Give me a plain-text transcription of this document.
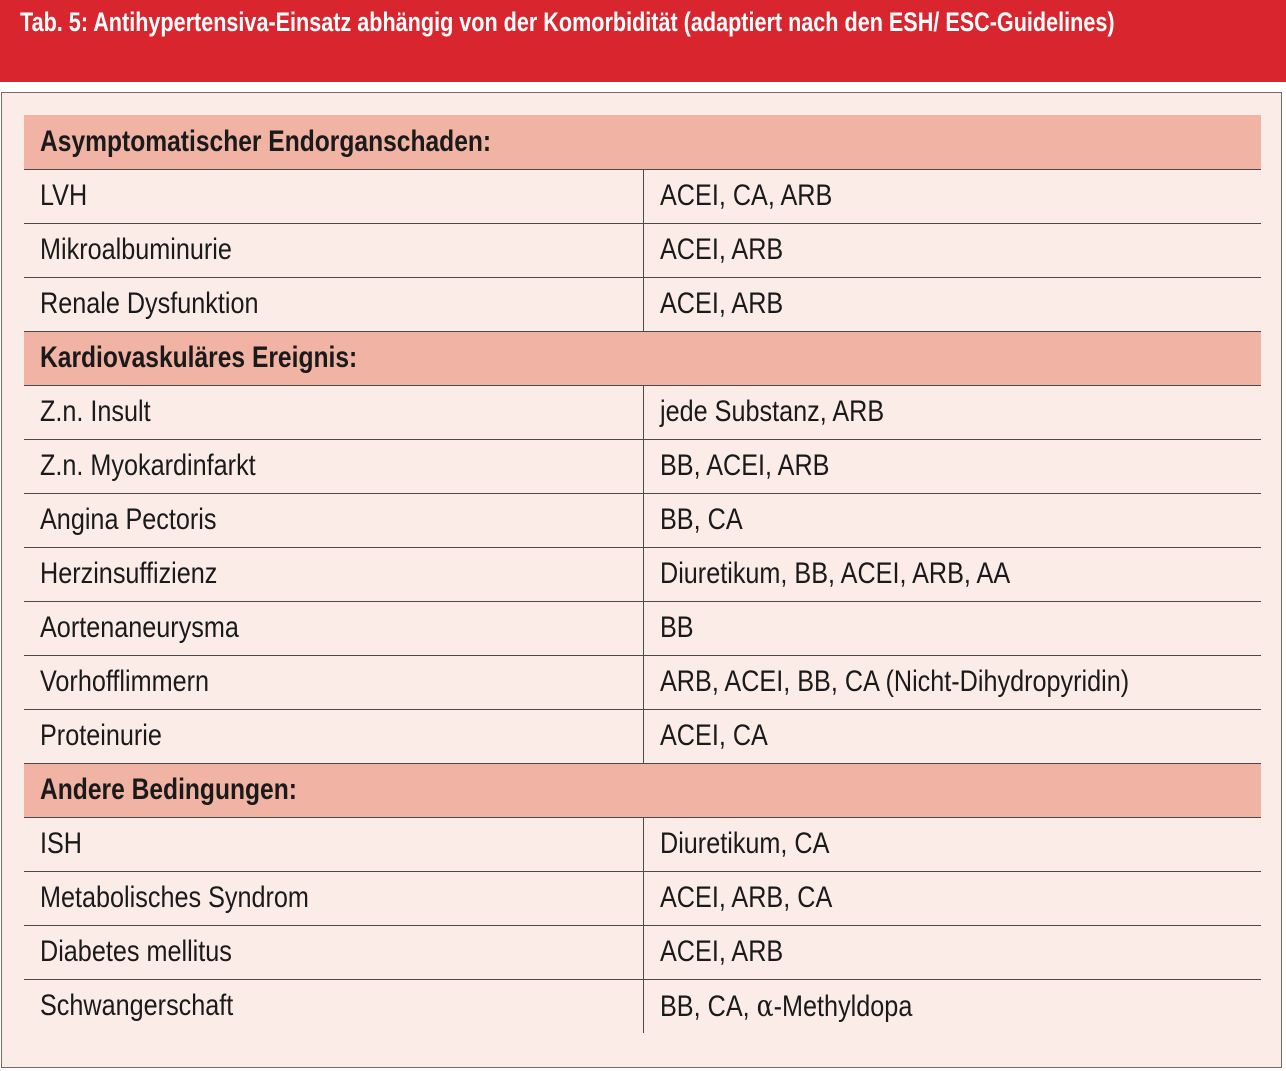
Tab. 5: Antihypertensiva-Einsatz abhängig von der Komorbidität (adaptiert nach den ESH/ ESC-Guidelines)
Asymptomatischer Endorganschaden:	
LVH	ACEI, CA, ARB
Mikroalbuminurie	ACEI, ARB
Renale Dysfunktion	ACEI, ARB
Kardiovaskuläres Ereignis:	
Z.n. Insult	jede Substanz, ARB
Z.n. Myokardinfarkt	BB, ACEI, ARB
Angina Pectoris	BB, CA
Herzinsuffizienz	Diuretikum, BB, ACEI, ARB, AA
Aortenaneurysma	BB
Vorhofflimmern	ARB, ACEI, BB, CA (Nicht-Dihydropyridin)
Proteinurie	ACEI, CA
Andere Bedingungen:	
ISH	Diuretikum, CA
Metabolisches Syndrom	ACEI, ARB, CA
Diabetes mellitus	ACEI, ARB
Schwangerschaft	BB, CA, α-Methyldopa
